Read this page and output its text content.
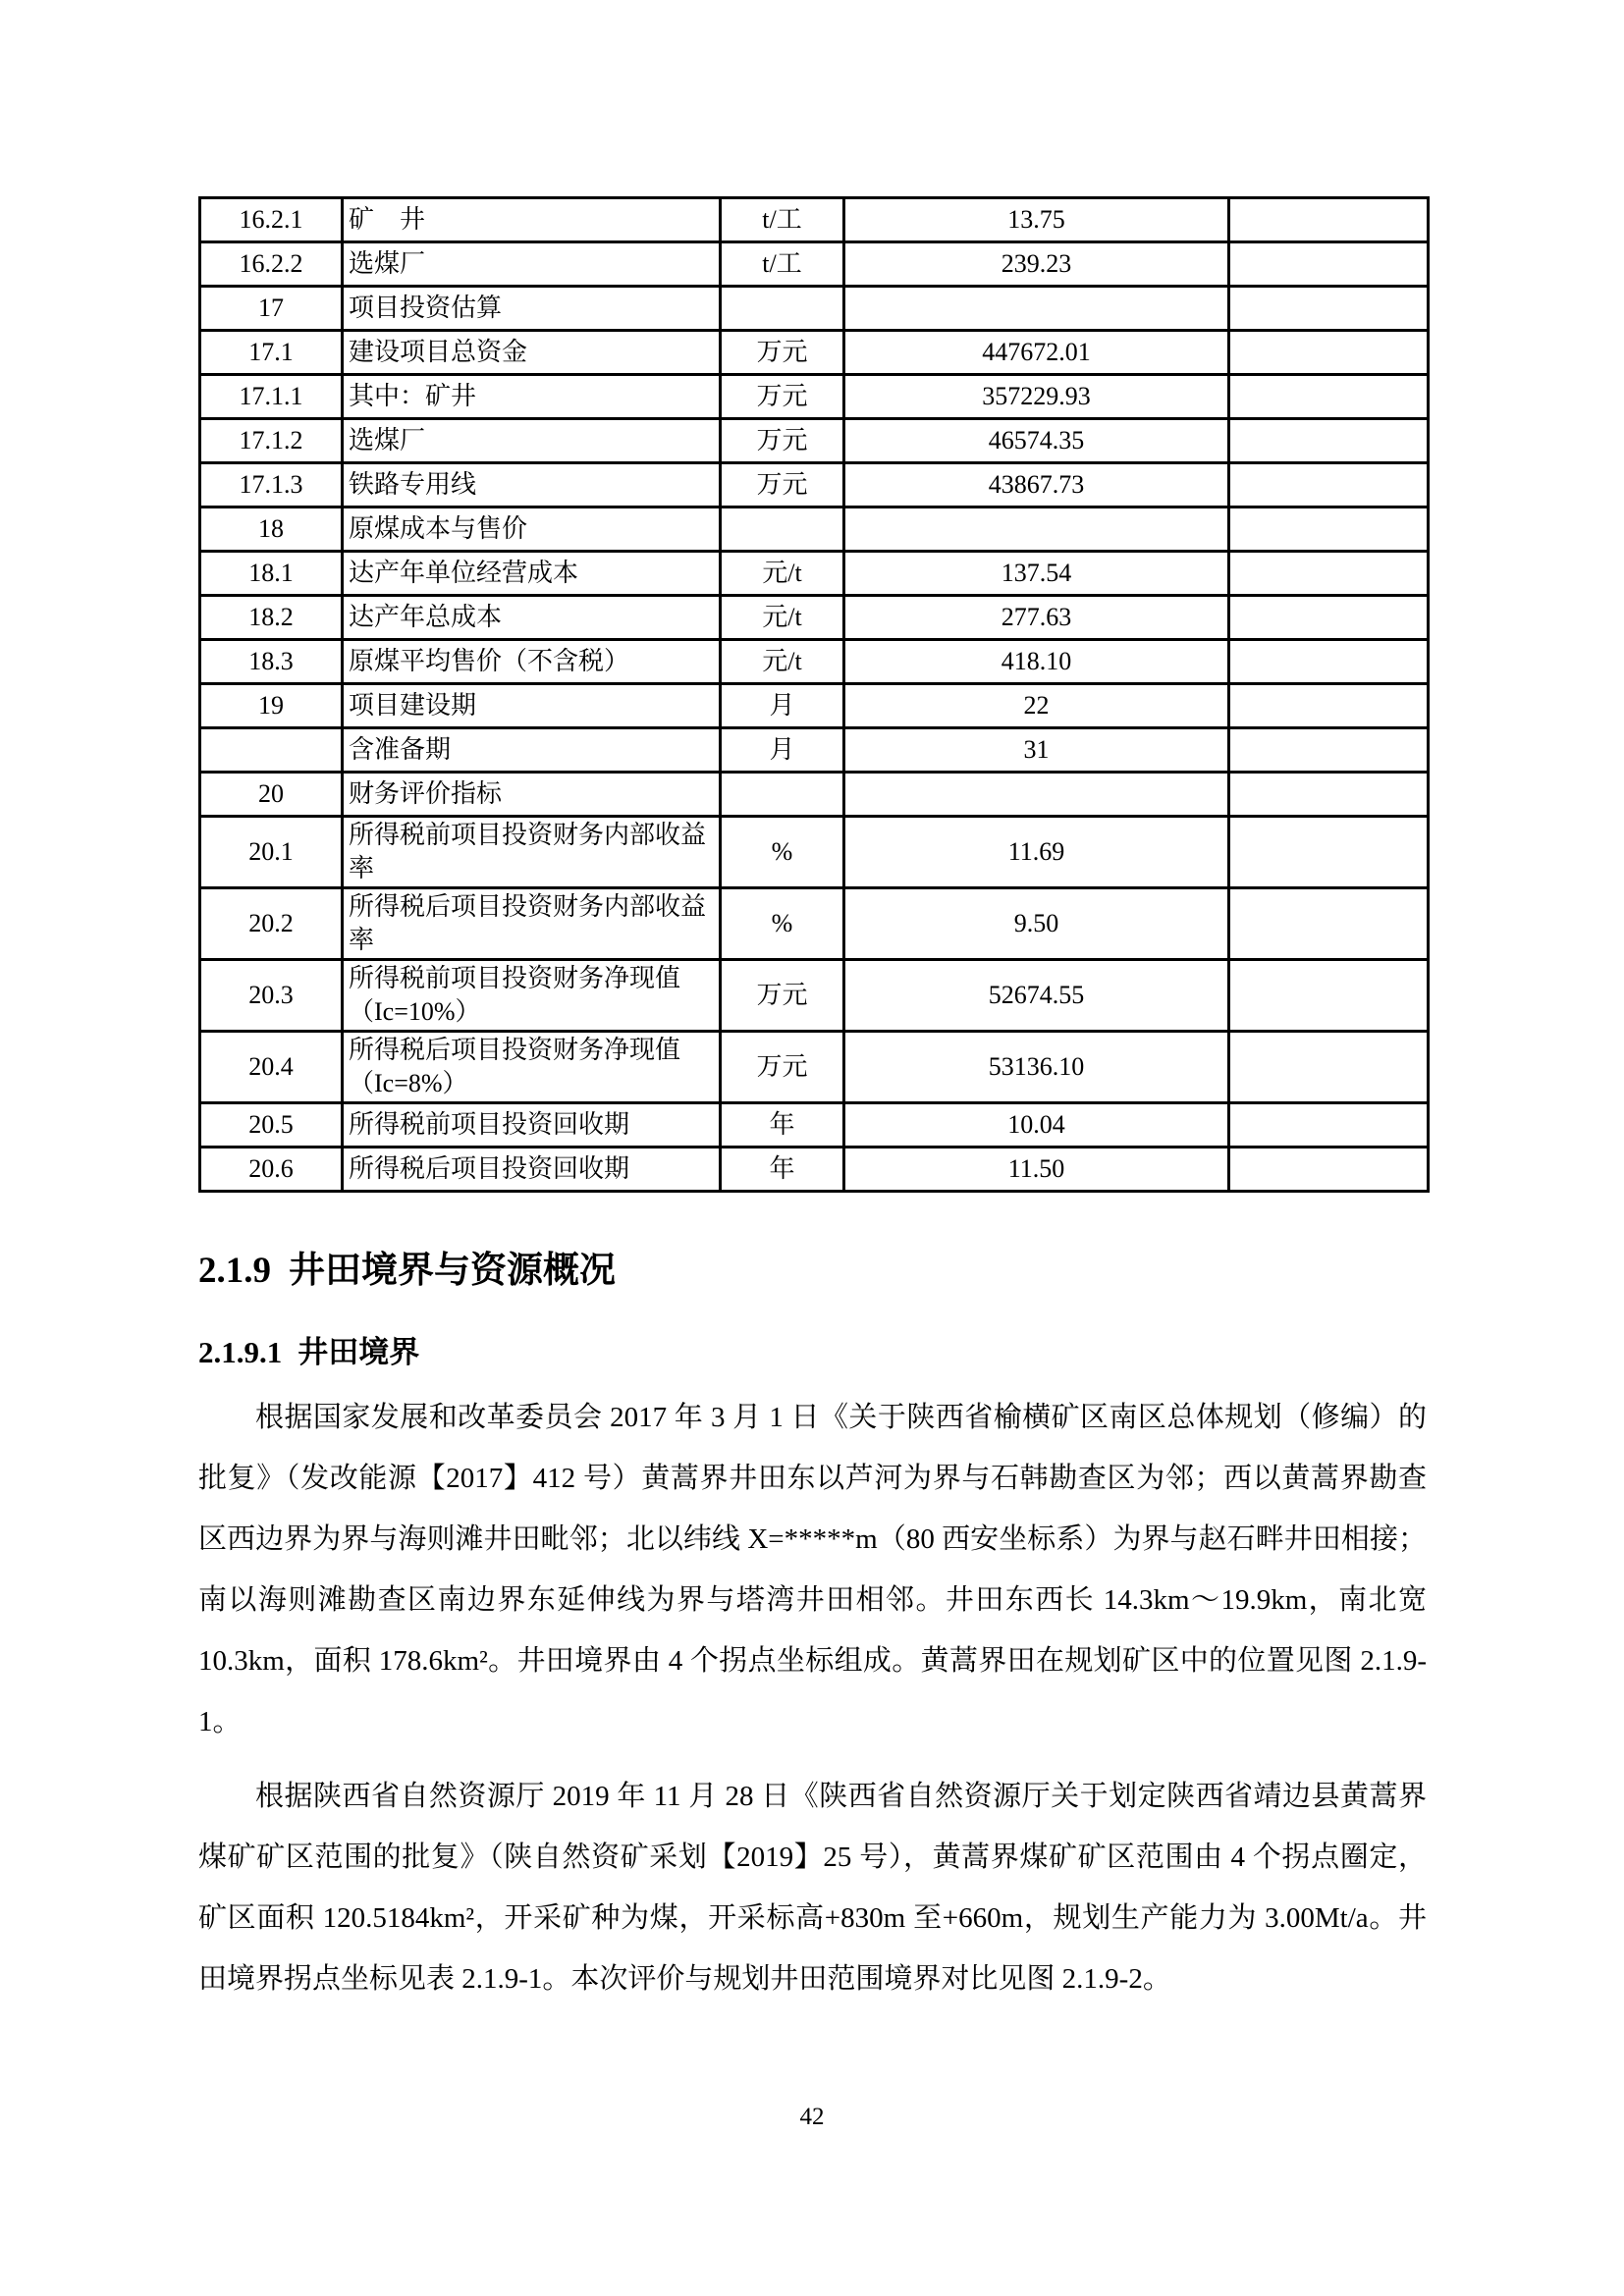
16.2.1	矿　井	t/工	13.75	
16.2.2	选煤厂	t/工	239.23	
17	项目投资估算			
17.1	建设项目总资金	万元	447672.01	
17.1.1	其中：矿井	万元	357229.93	
17.1.2	选煤厂	万元	46574.35	
17.1.3	铁路专用线	万元	43867.73	
18	原煤成本与售价			
18.1	达产年单位经营成本	元/t	137.54	
18.2	达产年总成本	元/t	277.63	
18.3	原煤平均售价（不含税）	元/t	418.10	
19	项目建设期	月	22	
	含准备期	月	31	
20	财务评价指标			
20.1	所得税前项目投资财务内部收益率	%	11.69	
20.2	所得税后项目投资财务内部收益率	%	9.50	
20.3	所得税前项目投资财务净现值（Ic=10%）	万元	52674.55	
20.4	所得税后项目投资财务净现值（Ic=8%）	万元	53136.10	
20.5	所得税前项目投资回收期	年	10.04	
20.6	所得税后项目投资回收期	年	11.50	
2.1.9 井田境界与资源概况
2.1.9.1 井田境界

根据国家发展和改革委员会 2017 年 3 月 1 日《关于陕西省榆横矿区南区总体规划（修编）的批复》（发改能源【2017】412 号）黄蒿界井田东以芦河为界与石韩勘查区为邻；西以黄蒿界勘查区西边界为界与海则滩井田毗邻；北以纬线 X=*****m（80 西安坐标系）为界与赵石畔井田相接；南以海则滩勘查区南边界东延伸线为界与塔湾井田相邻。井田东西长 14.3km～19.9km，南北宽 10.3km，面积 178.6km²。井田境界由 4 个拐点坐标组成。黄蒿界田在规划矿区中的位置见图 2.1.9-1。

根据陕西省自然资源厅 2019 年 11 月 28 日《陕西省自然资源厅关于划定陕西省靖边县黄蒿界煤矿矿区范围的批复》（陕自然资矿采划【2019】25 号），黄蒿界煤矿矿区范围由 4 个拐点圈定，矿区面积 120.5184km²，开采矿种为煤，开采标高+830m 至+660m，规划生产能力为 3.00Mt/a。井田境界拐点坐标见表 2.1.9-1。本次评价与规划井田范围境界对比见图 2.1.9-2。

42
